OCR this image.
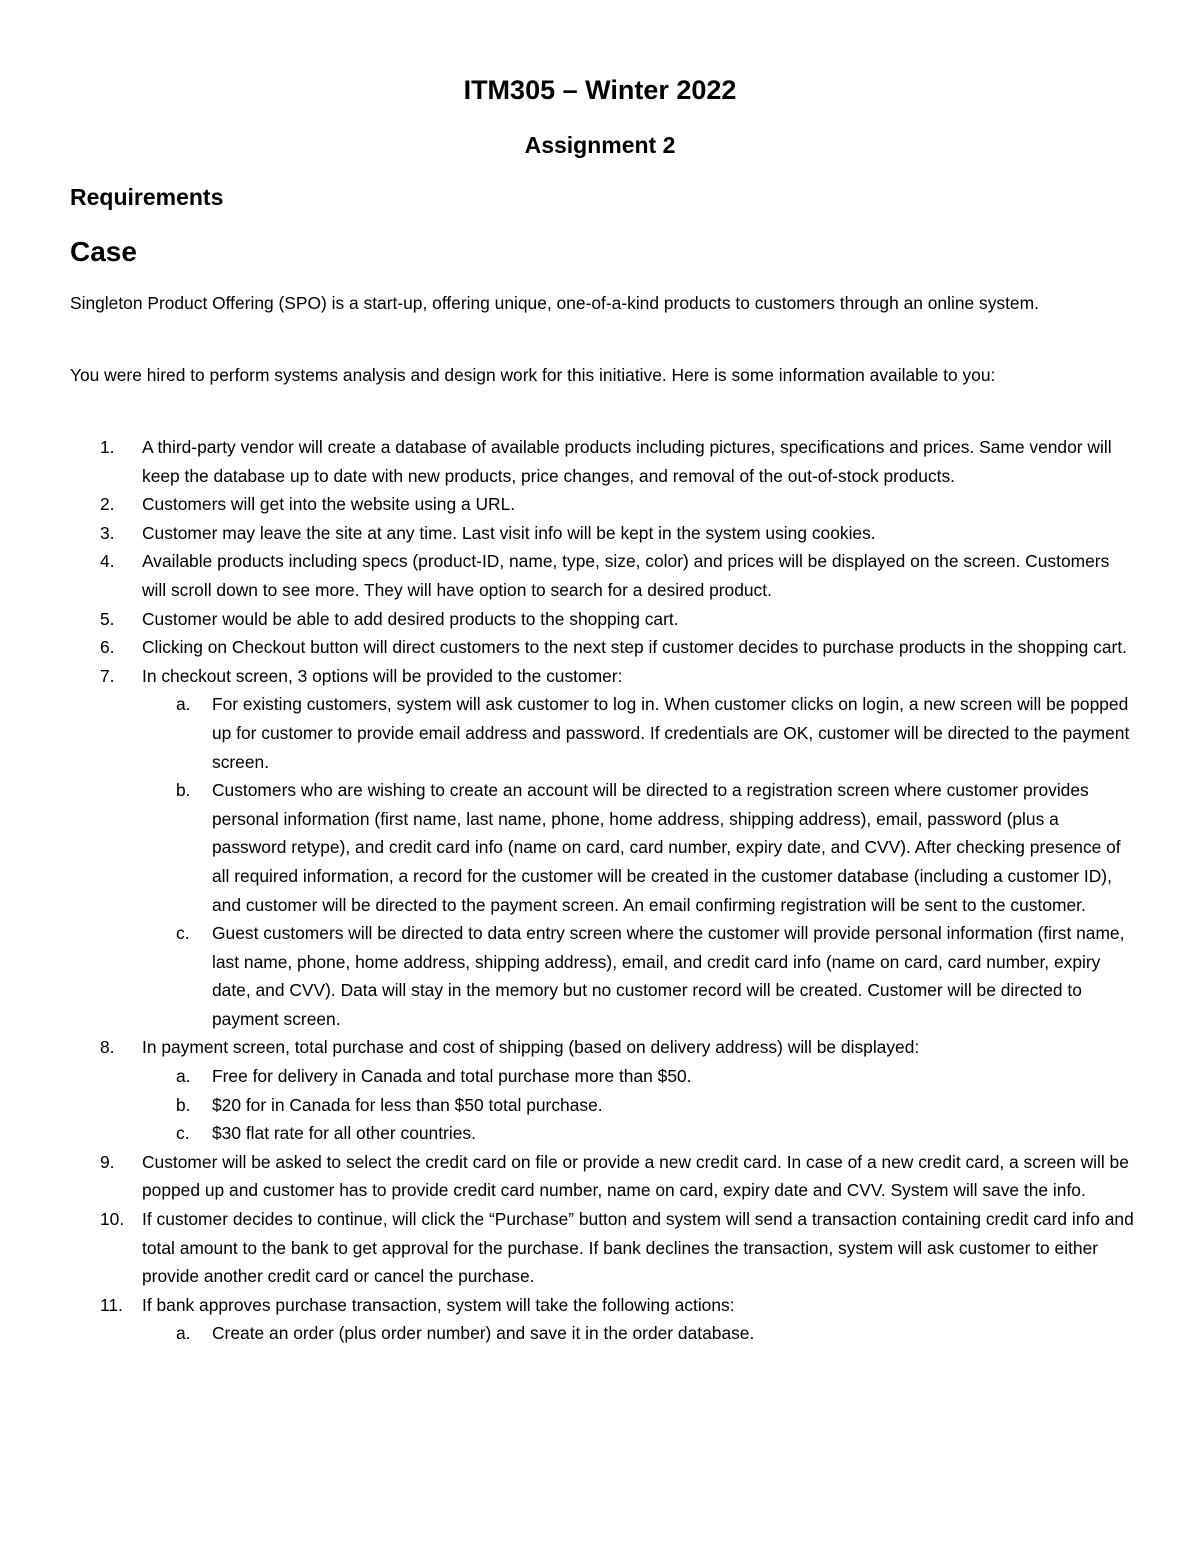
ITM305 – Winter 2022
Assignment 2
Requirements
Case
Singleton Product Offering (SPO) is a start-up, offering unique, one-of-a-kind products to customers through an online system.
You were hired to perform systems analysis and design work for this initiative. Here is some information available to you:
1.	A third-party vendor will create a database of available products including pictures, specifications and prices. Same vendor will keep the database up to date with new products, price changes, and removal of the out-of-stock products.
2.	Customers will get into the website using a URL.
3.	Customer may leave the site at any time. Last visit info will be kept in the system using cookies.
4.	Available products including specs (product-ID, name, type, size, color) and prices will be displayed on the screen. Customers will scroll down to see more. They will have option to search for a desired product.
5.	Customer would be able to add desired products to the shopping cart.
6.	Clicking on Checkout button will direct customers to the next step if customer decides to purchase products in the shopping cart.
7.	In checkout screen, 3 options will be provided to the customer:
a.	For existing customers, system will ask customer to log in. When customer clicks on login, a new screen will be popped up for customer to provide email address and password. If credentials are OK, customer will be directed to the payment screen.
b.	Customers who are wishing to create an account will be directed to a registration screen where customer provides personal information (first name, last name, phone, home address, shipping address), email, password (plus a password retype), and credit card info (name on card, card number, expiry date, and CVV). After checking presence of all required information, a record for the customer will be created in the customer database (including a customer ID), and customer will be directed to the payment screen. An email confirming registration will be sent to the customer.
c.	Guest customers will be directed to data entry screen where the customer will provide personal information (first name, last name, phone, home address, shipping address), email, and credit card info (name on card, card number, expiry date, and CVV). Data will stay in the memory but no customer record will be created. Customer will be directed to payment screen.
8.	In payment screen, total purchase and cost of shipping (based on delivery address) will be displayed:
a.	Free for delivery in Canada and total purchase more than $50.
b.	$20 for in Canada for less than $50 total purchase.
c.	$30 flat rate for all other countries.
9.	Customer will be asked to select the credit card on file or provide a new credit card. In case of a new credit card, a screen will be popped up and customer has to provide credit card number, name on card, expiry date and CVV. System will save the info.
10.	If customer decides to continue, will click the “Purchase” button and system will send a transaction containing credit card info and total amount to the bank to get approval for the purchase. If bank declines the transaction, system will ask customer to either provide another credit card or cancel the purchase.
11.	If bank approves purchase transaction, system will take the following actions:
a.	Create an order (plus order number) and save it in the order database.
